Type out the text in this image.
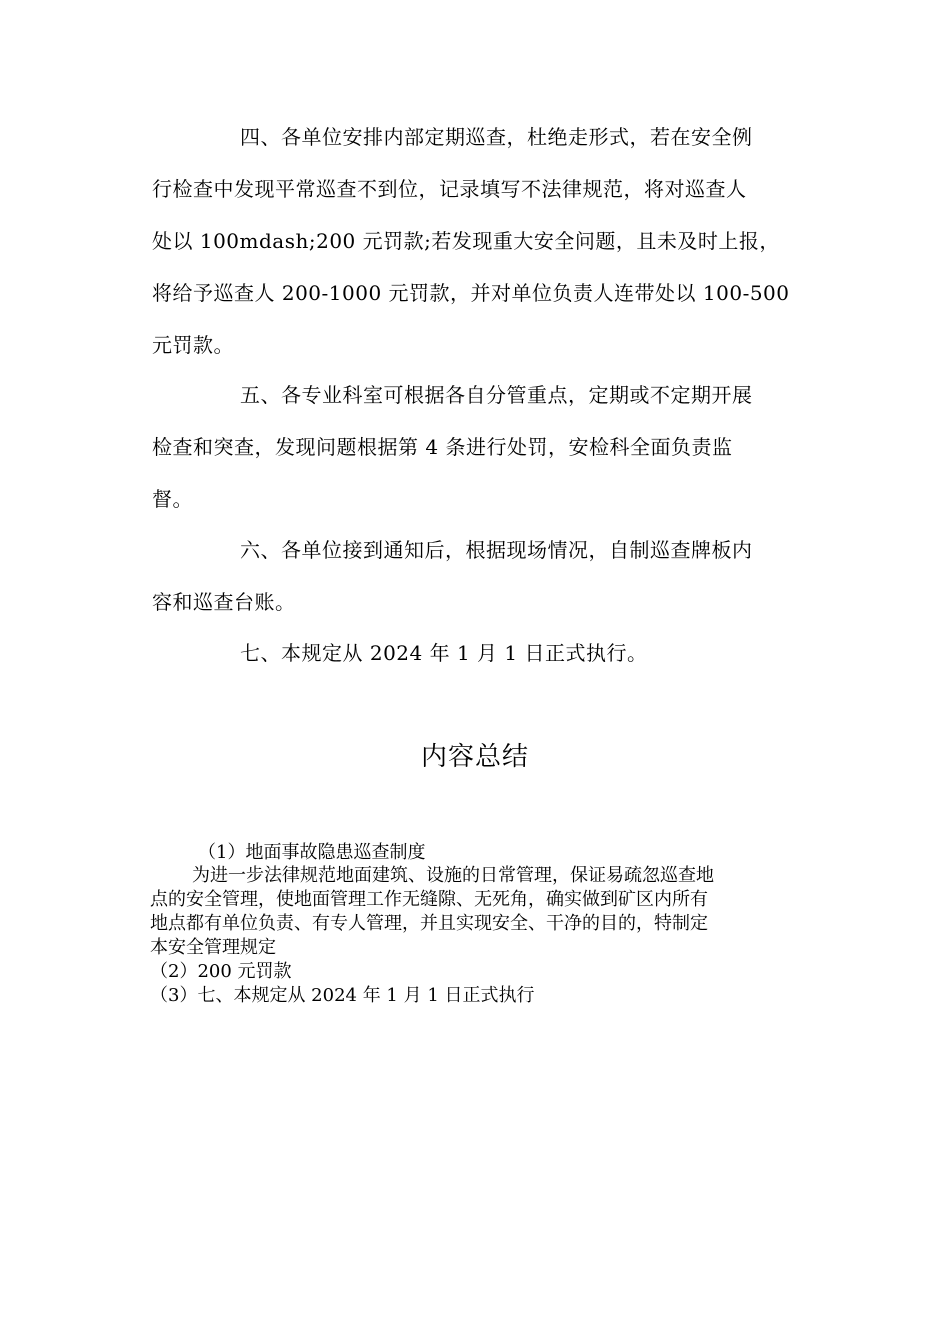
四、各单位安排内部定期巡查，杜绝走形式，若在安全例
行检查中发现平常巡查不到位，记录填写不法律规范，将对巡查人
处以 100mdash;200 元罚款;若发现重大安全问题，且未及时上报，
将给予巡查人 200-1000 元罚款，并对单位负责人连带处以 100-500
元罚款。
五、各专业科室可根据各自分管重点，定期或不定期开展
检查和突查，发现问题根据第 4 条进行处罚，安检科全面负责监
督。
六、各单位接到通知后，根据现场情况，自制巡查牌板内
容和巡查台账。
七、本规定从 2024 年 1 月 1 日正式执行。
内容总结
（1）地面事故隐患巡查制度
为进一步法律规范地面建筑、设施的日常管理，保证易疏忽巡查地
点的安全管理，使地面管理工作无缝隙、无死角，确实做到矿区内所有
地点都有单位负责、有专人管理，并且实现安全、干净的目的，特制定
本安全管理规定
（2）200 元罚款
（3）七、本规定从 2024 年 1 月 1 日正式执行
